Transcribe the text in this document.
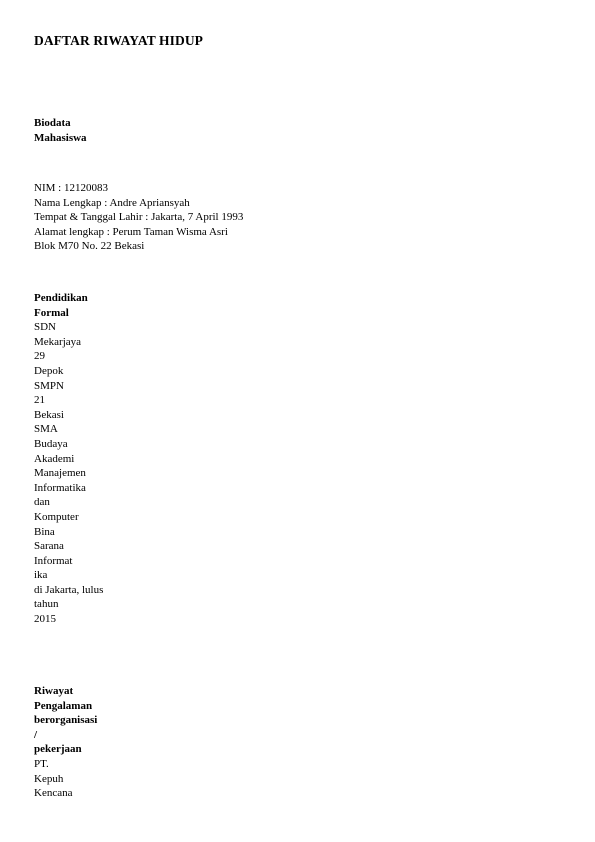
DAFTAR RIWAYAT HIDUP
Biodata
Mahasiswa
NIM : 12120083
Nama Lengkap : Andre Apriansyah
Tempat & Tanggal Lahir : Jakarta, 7 April 1993
Alamat lengkap : Perum Taman Wisma Asri
Blok M70 No. 22 Bekasi
Pendidikan
Formal
SDN
Mekarjaya
29
Depok
SMPN
21
Bekasi
SMA
Budaya
Akademi
Manajemen
Informatika
dan
Komputer
Bina
Sarana
Informat
ika
di Jakarta, lulus
tahun
2015
Riwayat
Pengalaman
berorganisasi
/
pekerjaan
PT.
Kepuh
Kencana
